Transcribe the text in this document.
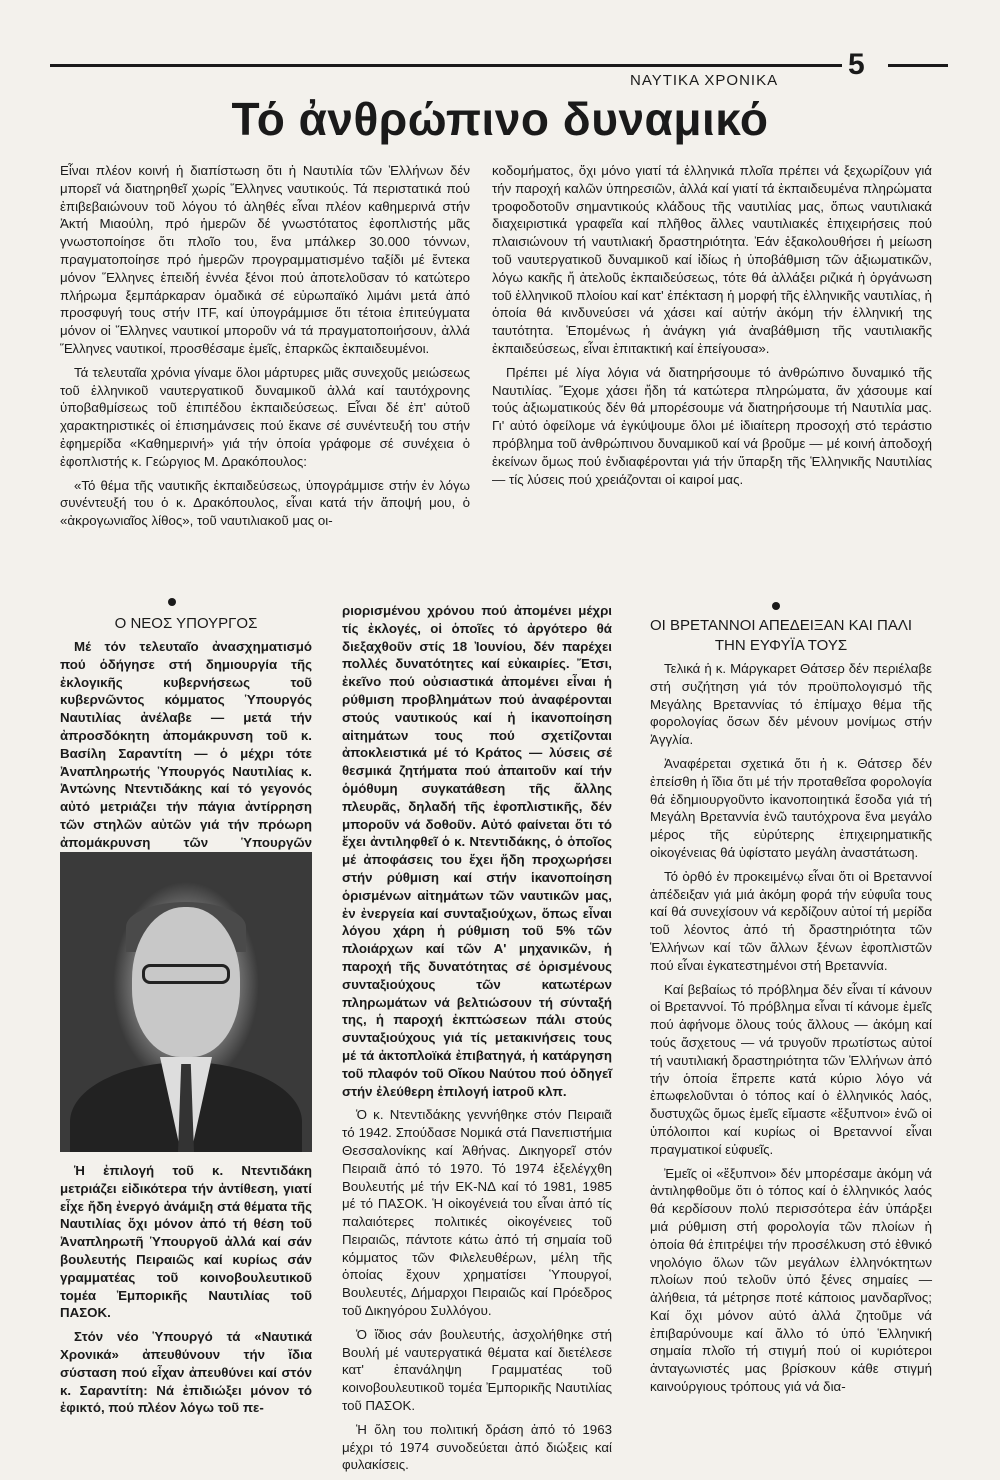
ΝΑΥΤΙΚΑ ΧΡΟΝΙΚΑ 5
Τό ἀνθρώπινο δυναμικό

Εἶναι πλέον κοινή ἡ διαπίστωση ὅτι ἡ Ναυτιλία τῶν Ἑλλήνων δέν μπορεῖ νά διατηρηθεῖ χωρίς Ἕλληνες ναυτικούς. Τά περιστατικά πού ἐπιβεβαιώνουν τοῦ λόγου τό ἀληθές εἶναι πλέον καθημερινά στήν Ἀκτή Μιαούλη, πρό ἡμερῶν δέ γνωστότατος ἐφοπλιστής μᾶς γνωστοποίησε ὅτι πλοῖο του, ἕνα μπάλκερ 30.000 τόννων, πραγματοποίησε πρό ἡμερῶν προγραμματισμένο ταξίδι μέ ἔντεκα μόνον Ἕλληνες ἐπειδή ἐννέα ξένοι πού ἀποτελοῦσαν τό κατώτερο πλήρωμα ξεμπάρκαραν ὁμαδικά σέ εὐρωπαϊκό λιμάνι μετά ἀπό προσφυγή τους στήν ITF, καί ὑπογράμμισε ὅτι τέτοια ἐπιτεύγματα μόνον οἱ Ἕλληνες ναυτικοί μποροῦν νά τά πραγματοποιήσουν, ἀλλά Ἕλληνες ναυτικοί, προσθέσαμε ἐμεῖς, ἐπαρκῶς ἐκπαιδευμένοι.

Τά τελευταῖα χρόνια γίναμε ὅλοι μάρτυρες μιᾶς συνεχοῦς μειώσεως τοῦ ἑλληνικοῦ ναυτεργατικοῦ δυναμικοῦ ἀλλά καί ταυτόχρονης ὑποβαθμίσεως τοῦ ἐπιπέδου ἐκπαιδεύσεως. Εἶναι δέ ἐπ' αὐτοῦ χαρακτηριστικές οἱ ἐπισημάνσεις πού ἔκανε σέ συνέντευξή του στήν ἐφημερίδα «Καθημερινή» γιά τήν ὁποία γράφομε σέ συνέχεια ὁ ἐφοπλιστής κ. Γεώργιος Μ. Δρακόπουλος:

«Τό θέμα τῆς ναυτικῆς ἐκπαιδεύσεως, ὑπογράμμισε στήν ἐν λόγω συνέντευξή του ὁ κ. Δρακόπουλος, εἶναι κατά τήν ἄποψή μου, ὁ «ἀκρογωνιαῖος λίθος», τοῦ ναυτιλιακοῦ μας οι-

κοδομήματος, ὄχι μόνο γιατί τά ἑλληνικά πλοῖα πρέπει νά ξεχωρίζουν γιά τήν παροχή καλῶν ὑπηρεσιῶν, ἀλλά καί γιατί τά ἐκπαιδευμένα πληρώματα τροφοδοτοῦν σημαντικούς κλάδους τῆς ναυτιλίας μας, ὅπως ναυτιλιακά διαχειριστικά γραφεῖα καί πλῆθος ἄλλες ναυτιλιακές ἐπιχειρήσεις πού πλαισιώνουν τή ναυτιλιακή δραστηριότητα. Ἐάν ἐξακολουθήσει ἡ μείωση τοῦ ναυτεργατικοῦ δυναμικοῦ καί ἰδίως ἡ ὑποβάθμιση τῶν ἀξιωματικῶν, λόγω κακῆς ἤ ἀτελοῦς ἐκπαιδεύσεως, τότε θά ἀλλάξει ριζικά ἡ ὀργάνωση τοῦ ἑλληνικοῦ πλοίου καί κατ' ἐπέκταση ἡ μορφή τῆς ἑλληνικῆς ναυτιλίας, ἡ ὁποία θά κινδυνεύσει νά χάσει καί αὐτήν ἀκόμη τήν ἑλληνική της ταυτότητα. Ἑπομένως ἡ ἀνάγκη γιά ἀναβάθμιση τῆς ναυτιλιακῆς ἐκπαιδεύσεως, εἶναι ἐπιτακτική καί ἐπείγουσα».

Πρέπει μέ λίγα λόγια νά διατηρήσουμε τό ἀνθρώπινο δυναμικό τῆς Ναυτιλίας. Ἔχομε χάσει ἤδη τά κατώτερα πληρώματα, ἄν χάσουμε καί τούς ἀξιωματικούς δέν θά μπορέσουμε νά διατηρήσουμε τή Ναυτιλία μας. Γι' αὐτό ὀφείλομε νά ἐγκύψουμε ὅλοι μέ ἰδιαίτερη προσοχή στό τεράστιο πρόβλημα τοῦ ἀνθρώπινου δυναμικοῦ καί νά βροῦμε — μέ κοινή ἀποδοχή ἐκείνων ὅμως πού ἐνδιαφέρονται γιά τήν ὕπαρξη τῆς Ἑλληνικῆς Ναυτιλίας — τίς λύσεις πού χρειάζονται οἱ καιροί μας.

Ο ΝΕΟΣ ΥΠΟΥΡΓΟΣ

Μέ τόν τελευταῖο ἀνασχηματισμό πού ὁδήγησε στή δημιουργία τῆς ἐκλογικῆς κυβερνήσεως τοῦ κυβερνῶντος κόμματος Ὑπουργός Ναυτιλίας ἀνέλαβε — μετά τήν ἀπροσδόκητη ἀπομάκρυνση τοῦ κ. Βασίλη Σαραντίτη — ὁ μέχρι τότε Ἀναπληρωτής Ὑπουργός Ναυτιλίας κ. Ἀντώνης Ντεντιδάκης καί τό γεγονός αὐτό μετριάζει τήν πάγια ἀντίρρηση τῶν στηλῶν αὐτῶν γιά τήν πρόωρη ἀπομάκρυνση τῶν Ὑπουργῶν

Ἡ ἐπιλογή τοῦ κ. Ντεντιδάκη μετριάζει εἰδικότερα τήν ἀντίθεση, γιατί εἶχε ἤδη ἐνεργό ἀνάμιξη στά θέματα τῆς Ναυτιλίας ὄχι μόνον ἀπό τή θέση τοῦ Ἀναπληρωτῆ Ὑπουργοῦ ἀλλά καί σάν βουλευτής Πειραιῶς καί κυρίως σάν γραμματέας τοῦ κοινοβουλευτικοῦ τομέα Ἐμπορικῆς Ναυτιλίας τοῦ ΠΑΣΟΚ.

Στόν νέο Ὑπουργό τά «Ναυτικά Χρονικά» ἀπευθύνουν τήν ἴδια σύσταση πού εἶχαν ἀπευθύνει καί στόν κ. Σαραντίτη: Νά ἐπιδιώξει μόνον τό ἐφικτό, πού πλέον λόγω τοῦ πε-

ριορισμένου χρόνου πού ἀπομένει μέχρι τίς ἐκλογές, οἱ ὁποῖες τό ἀργότερο θά διεξαχθοῦν στίς 18 Ἰουνίου, δέν παρέχει πολλές δυνατότητες καί εὐκαιρίες. Ἔτσι, ἐκεῖνο πού οὐσιαστικά ἀπομένει εἶναι ἡ ρύθμιση προβλημάτων πού ἀναφέρονται στούς ναυτικούς καί ἡ ἱκανοποίηση αἰτημάτων τους πού σχετίζονται ἀποκλειστικά μέ τό Κράτος — λύσεις σέ θεσμικά ζητήματα πού ἀπαιτοῦν καί τήν ὁμόθυμη συγκατάθεση τῆς ἄλλης πλευρᾶς, δηλαδή τῆς ἐφοπλιστικῆς, δέν μποροῦν νά δοθοῦν. Αὐτό φαίνεται ὅτι τό ἔχει ἀντιληφθεῖ ὁ κ. Ντεντιδάκης, ὁ ὁποῖος μέ ἀποφάσεις του ἔχει ἤδη προχωρήσει στήν ρύθμιση καί στήν ἱκανοποίηση ὁρισμένων αἰτημάτων τῶν ναυτικῶν μας, ἐν ἐνεργεία καί συνταξιούχων, ὅπως εἶναι λόγου χάρη ἡ ρύθμιση τοῦ 5% τῶν πλοιάρχων καί τῶν Α' μηχανικῶν, ἡ παροχή τῆς δυνατότητας σέ ὁρισμένους συνταξιούχους τῶν κατωτέρων πληρωμάτων νά βελτιώσουν τή σύνταξή της, ἡ παροχή ἐκπτώσεων πάλι στούς συνταξιούχους γιά τίς μετακινήσεις τους μέ τά ἀκτοπλοϊκά ἐπιβατηγά, ἡ κατάργηση τοῦ πλαφόν τοῦ Οἴκου Ναύτου πού ὁδηγεῖ στήν ἐλεύθερη ἐπιλογή ἰατροῦ κλπ.

Ὁ κ. Ντεντιδάκης γεννήθηκε στόν Πειραιᾶ τό 1942. Σπούδασε Νομικά στά Πανεπιστήμια Θεσσαλονίκης καί Ἀθήνας. Δικηγορεῖ στόν Πειραιᾶ ἀπό τό 1970. Τό 1974 ἐξελέγχθη Βουλευτής μέ τήν ΕΚ-ΝΔ καί τό 1981, 1985 μέ τό ΠΑΣΟΚ. Ἡ οἰκογένειά του εἶναι ἀπό τίς παλαιότερες πολιτικές οἰκογένειες τοῦ Πειραιῶς, πάντοτε κάτω ἀπό τή σημαία τοῦ κόμματος τῶν Φιλελευθέρων, μέλη τῆς ὁποίας ἔχουν χρηματίσει Ὑπουργοί, Βουλευτές, Δήμαρχοι Πειραιῶς καί Πρόεδρος τοῦ Δικηγόρου Συλλόγου.

Ὁ ἴδιος σάν βουλευτής, ἀσχολήθηκε στή Βουλή μέ ναυτεργατικά θέματα καί διετέλεσε κατ' ἐπανάληψη Γραμματέας τοῦ κοινοβουλευτικοῦ τομέα Ἐμπορικῆς Ναυτιλίας τοῦ ΠΑΣΟΚ.

Ἡ ὅλη του πολιτική δράση ἀπό τό 1963 μέχρι τό 1974 συνοδεύεται ἀπό διώξεις καί φυλακίσεις.

ΟΙ ΒΡΕΤΑΝΝΟΙ ΑΠΕΔΕΙΞΑΝ ΚΑΙ ΠΑΛΙ
ΤΗΝ ΕΥΦΥΪΑ ΤΟΥΣ

Τελικά ἡ κ. Μάργκαρετ Θάτσερ δέν περιέλαβε στή συζήτηση γιά τόν προϋπολογισμό τῆς Μεγάλης Βρεταννίας τό ἐπίμαχο θέμα τῆς φορολογίας ὅσων δέν μένουν μονίμως στήν Ἀγγλία.

Ἀναφέρεται σχετικά ὅτι ἡ κ. Θάτσερ δέν ἐπείσθη ἡ ἴδια ὅτι μέ τήν προταθεῖσα φορολογία θά ἐδημιουργοῦντο ἱκανοποιητικά ἔσοδα γιά τή Μεγάλη Βρεταννία ἐνῶ ταυτόχρονα ἕνα μεγάλο μέρος τῆς εὐρύτερης ἐπιχειρηματικῆς οἰκογένειας θά ὑφίστατο μεγάλη ἀναστάτωση.

Τό ὀρθό ἐν προκειμένῳ εἶναι ὅτι οἱ Βρεταννοί ἀπέδειξαν γιά μιά ἀκόμη φορά τήν εὐφυΐα τους καί θά συνεχίσουν νά κερδίζουν αὐτοί τή μερίδα τοῦ λέοντος ἀπό τή δραστηριότητα τῶν Ἑλλήνων καί τῶν ἄλλων ξένων ἐφοπλιστῶν πού εἶναι ἐγκατεστημένοι στή Βρεταννία.

Καί βεβαίως τό πρόβλημα δέν εἶναι τί κάνουν οἱ Βρεταννοί. Τό πρόβλημα εἶναι τί κάνομε ἐμεῖς πού ἀφήνομε ὅλους τούς ἄλλους — ἀκόμη καί τούς ἄσχετους — νά τρυγοῦν πρωτίστως αὐτοί τή ναυτιλιακή δραστηριότητα τῶν Ἑλλήνων ἀπό τήν ὁποία ἔπρεπε κατά κύριο λόγο νά ἐπωφελοῦνται ὁ τόπος καί ὁ ἑλληνικός λαός, δυστυχῶς ὅμως ἐμεῖς εἴμαστε «ἔξυπνοι» ἐνῶ οἱ ὑπόλοιποι καί κυρίως οἱ Βρεταννοί εἶναι πραγματικοί εὐφυεῖς.

Ἐμεῖς οἱ «ἔξυπνοι» δέν μπορέσαμε ἀκόμη νά ἀντιληφθοῦμε ὅτι ὁ τόπος καί ὁ ἑλληνικός λαός θά κερδίσουν πολύ περισσότερα ἐάν ὑπάρξει μιά ρύθμιση στή φορολογία τῶν πλοίων ἡ ὁποία θά ἐπιτρέψει τήν προσέλκυση στό ἐθνικό νηολόγιο ὅλων τῶν μεγάλων ἑλληνόκτητων πλοίων πού τελοῦν ὑπό ξένες σημαίες — ἀλήθεια, τά μέτρησε ποτέ κάποιος μανδαρῖνος; Καί ὄχι μόνον αὐτό ἀλλά ζητοῦμε νά ἐπιβαρύνουμε καί ἄλλο τό ὑπό Ἑλληνική σημαία πλοῖο τή στιγμή πού οἱ κυριότεροι ἀνταγωνιστές μας βρίσκουν κάθε στιγμή καινούργιους τρόπους γιά νά δια-
